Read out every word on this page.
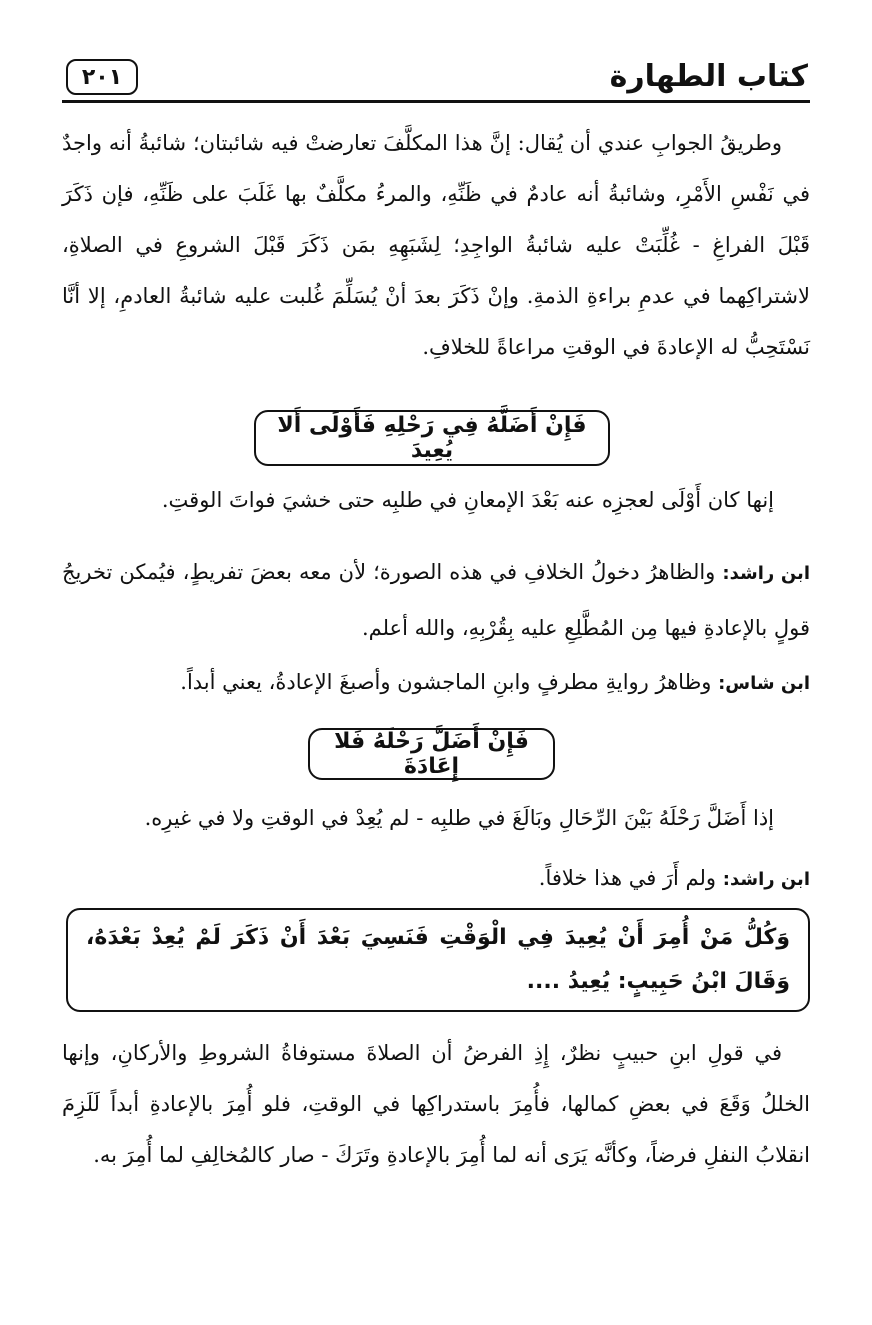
كتاب الطهارة
٢٠١
وطريقُ الجوابِ عندي أن يُقال: إنَّ هذا المكلَّفَ تعارضتْ فيه شائبتان؛ شائبةُ أنه واجدٌ في نَفْسِ الأَمْرِ، وشائبةُ أنه عادمٌ في ظَنِّهِ، والمرءُ مكلَّفٌ بها غَلَبَ على ظَنِّهِ، فإن ذَكَرَ قَبْلَ الفراغِ - غُلِّبَتْ عليه شائبةُ الواجِدِ؛ لِشَبَهِهِ بمَن ذَكَرَ قَبْلَ الشروعِ في الصلاةِ، لاشتراكِهما في عدمِ براءةِ الذمةِ. وإنْ ذَكَرَ بعدَ أنْ يُسَلِّمَ غُلبت عليه شائبةُ العادمِ، إلا أنَّا نَسْتَحِبُّ له الإعادةَ في الوقتِ مراعاةً للخلافِ.
فَإِنْ أَضَلَّهُ فِي رَحْلِهِ فَأَوْلَى أَلا يُعِيدَ
إنها كان أَوْلَى لعجزِه عنه بَعْدَ الإمعانِ في طلبِه حتى خشيَ فواتَ الوقتِ.
ابن راشد: والظاهرُ دخولُ الخلافِ في هذه الصورة؛ لأن معه بعضَ تفريطٍ، فيُمكن تخريجُ قولٍ بالإعادةِ فيها مِن المُطَّلِعِ عليه بِقُرْبِهِ، والله أعلم.
ابن شاس: وظاهرُ روايةِ مطرفٍ وابنِ الماجشون وأصبغَ الإعادةُ، يعني أبداً.
فَإِنْ أَضَلَّ رَحْلَهُ فَلا إِعَادَةَ
إذا أَضَلَّ رَحْلَهُ بَيْنَ الرِّحَالِ وبَالَغَ في طلبِه - لم يُعِدْ في الوقتِ ولا في غيرِه.
ابن راشد: ولم أَرَ في هذا خلافاً.
وَكُلُّ مَنْ أُمِرَ أَنْ يُعِيدَ فِي الْوَقْتِ فَنَسِيَ بَعْدَ أَنْ ذَكَرَ لَمْ يُعِدْ بَعْدَهُ،
وَقَالَ ابْنُ حَبِيبٍ: يُعِيدُ ....
في قولِ ابنِ حبيبٍ نظرٌ، إِذِ الفرضُ أن الصلاةَ مستوفاةُ الشروطِ والأركانِ، وإنها الخللُ وَقَعَ في بعضِ كمالها، فأُمِرَ باستدراكِها في الوقتِ، فلو أُمِرَ بالإعادةِ أبداً لَلَزِمَ انقلابُ النفلِ فرضاً، وكأنَّه يَرَى أنه لما أُمِرَ بالإعادةِ وتَرَكَ - صار كالمُخالِفِ لما أُمِرَ به.
